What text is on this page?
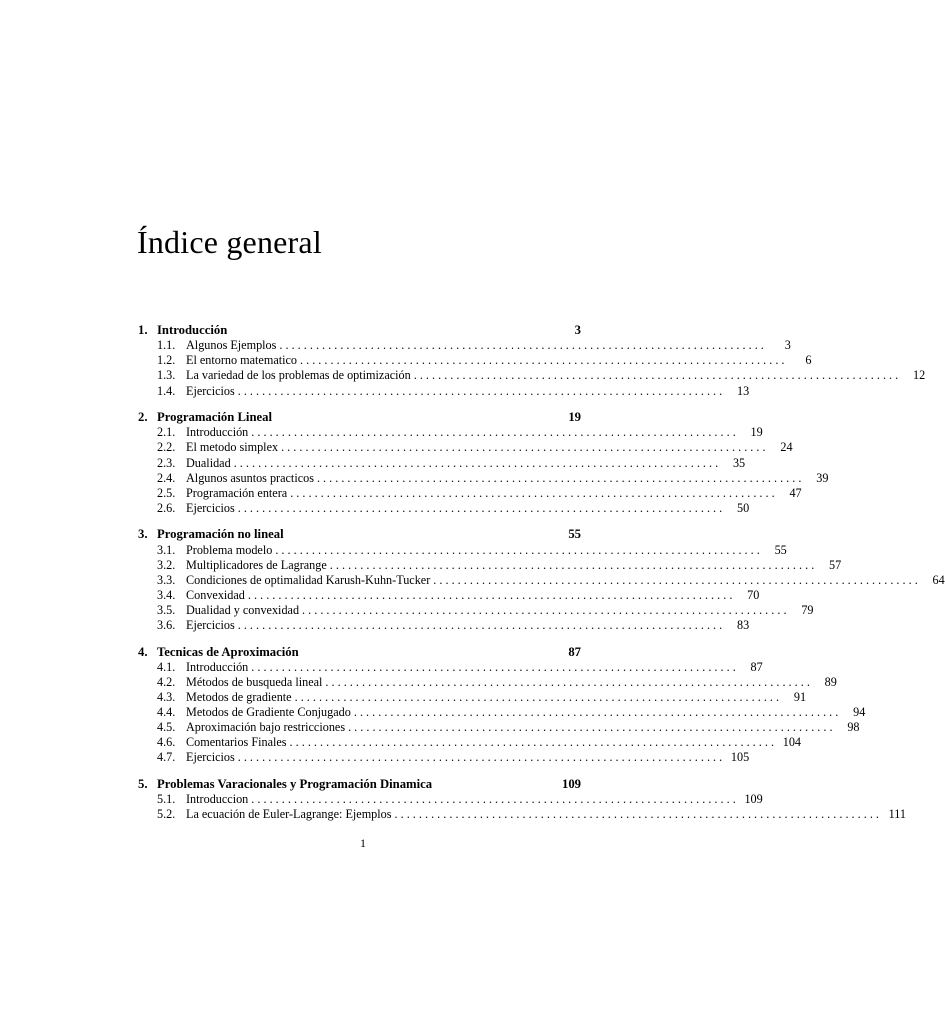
Índice general
1. Introducción	3
1.1. Algunos Ejemplos . . . . . . . . . . . . . . . . . . . . . . . . . . . . . . . . . . . . . . . . . . . . . . . . . . . . . . . . . . . . . . . . . . . . . . . . . . . . . . . .	3
1.2. El entorno matematico . . . . . . . . . . . . . . . . . . . . . . . . . . . . . . . . . . . . . . . . . . . . . . . . . . . . . . . . . . . . . . . . . . . . . . . . . . . . . . . .	6
1.3. La variedad de los problemas de optimización . . . . . . . . . . . . . . . . . . . . . . . . . . . . . . . . . . . . . . . . . . . . . . . . . . . . . . . . . . . . . . . . . . . . . . . . . . . . . . . .	12
1.4. Ejercicios . . . . . . . . . . . . . . . . . . . . . . . . . . . . . . . . . . . . . . . . . . . . . . . . . . . . . . . . . . . . . . . . . . . . . . . . . . . . . . . .	13
2. Programación Lineal	19
2.1. Introducción . . . . . . . . . . . . . . . . . . . . . . . . . . . . . . . . . . . . . . . . . . . . . . . . . . . . . . . . . . . . . . . . . . . . . . . . . . . . . . . .	19
2.2. El metodo simplex . . . . . . . . . . . . . . . . . . . . . . . . . . . . . . . . . . . . . . . . . . . . . . . . . . . . . . . . . . . . . . . . . . . . . . . . . . . . . . . .	24
2.3. Dualidad . . . . . . . . . . . . . . . . . . . . . . . . . . . . . . . . . . . . . . . . . . . . . . . . . . . . . . . . . . . . . . . . . . . . . . . . . . . . . . . .	35
2.4. Algunos asuntos practicos . . . . . . . . . . . . . . . . . . . . . . . . . . . . . . . . . . . . . . . . . . . . . . . . . . . . . . . . . . . . . . . . . . . . . . . . . . . . . . . .	39
2.5. Programación entera . . . . . . . . . . . . . . . . . . . . . . . . . . . . . . . . . . . . . . . . . . . . . . . . . . . . . . . . . . . . . . . . . . . . . . . . . . . . . . . .	47
2.6. Ejercicios . . . . . . . . . . . . . . . . . . . . . . . . . . . . . . . . . . . . . . . . . . . . . . . . . . . . . . . . . . . . . . . . . . . . . . . . . . . . . . . .	50
3. Programación no lineal	55
3.1. Problema modelo . . . . . . . . . . . . . . . . . . . . . . . . . . . . . . . . . . . . . . . . . . . . . . . . . . . . . . . . . . . . . . . . . . . . . . . . . . . . . . . .	55
3.2. Multiplicadores de Lagrange . . . . . . . . . . . . . . . . . . . . . . . . . . . . . . . . . . . . . . . . . . . . . . . . . . . . . . . . . . . . . . . . . . . . . . . . . . . . . . . .	57
3.3. Condiciones de optimalidad Karush-Kuhn-Tucker . . . . . . . . . . . . . . . . . . . . . . . . . . . . . . . . . . . . . . . . . . . . . . . . . . . . . . . . . . . . . . . . . . . . . . . . . . . . . . . .	64
3.4. Convexidad . . . . . . . . . . . . . . . . . . . . . . . . . . . . . . . . . . . . . . . . . . . . . . . . . . . . . . . . . . . . . . . . . . . . . . . . . . . . . . . .	70
3.5. Dualidad y convexidad . . . . . . . . . . . . . . . . . . . . . . . . . . . . . . . . . . . . . . . . . . . . . . . . . . . . . . . . . . . . . . . . . . . . . . . . . . . . . . . .	79
3.6. Ejercicios . . . . . . . . . . . . . . . . . . . . . . . . . . . . . . . . . . . . . . . . . . . . . . . . . . . . . . . . . . . . . . . . . . . . . . . . . . . . . . . .	83
4. Tecnicas de Aproximación	87
4.1. Introducción . . . . . . . . . . . . . . . . . . . . . . . . . . . . . . . . . . . . . . . . . . . . . . . . . . . . . . . . . . . . . . . . . . . . . . . . . . . . . . . .	87
4.2. Métodos de busqueda lineal . . . . . . . . . . . . . . . . . . . . . . . . . . . . . . . . . . . . . . . . . . . . . . . . . . . . . . . . . . . . . . . . . . . . . . . . . . . . . . . .	89
4.3. Metodos de gradiente . . . . . . . . . . . . . . . . . . . . . . . . . . . . . . . . . . . . . . . . . . . . . . . . . . . . . . . . . . . . . . . . . . . . . . . . . . . . . . . .	91
4.4. Metodos de Gradiente Conjugado . . . . . . . . . . . . . . . . . . . . . . . . . . . . . . . . . . . . . . . . . . . . . . . . . . . . . . . . . . . . . . . . . . . . . . . . . . . . . . . .	94
4.5. Aproximación bajo restricciones . . . . . . . . . . . . . . . . . . . . . . . . . . . . . . . . . . . . . . . . . . . . . . . . . . . . . . . . . . . . . . . . . . . . . . . . . . . . . . . .	98
4.6. Comentarios Finales . . . . . . . . . . . . . . . . . . . . . . . . . . . . . . . . . . . . . . . . . . . . . . . . . . . . . . . . . . . . . . . . . . . . . . . . . . . . . . . . 104
4.7. Ejercicios . . . . . . . . . . . . . . . . . . . . . . . . . . . . . . . . . . . . . . . . . . . . . . . . . . . . . . . . . . . . . . . . . . . . . . . . . . . . . . . . 105
5. Problemas Varacionales y Programación Dinamica	109
5.1. Introduccion . . . . . . . . . . . . . . . . . . . . . . . . . . . . . . . . . . . . . . . . . . . . . . . . . . . . . . . . . . . . . . . . . . . . . . . . . . . . . . . . 109
5.2. La ecuación de Euler-Lagrange: Ejemplos . . . . . . . . . . . . . . . . . . . . . . . . . . . . . . . . . . . . . . . . . . . . . . . . . . . . . . . . . . . . . . . . . . . . . . . . . . . . . . . . 111
1
